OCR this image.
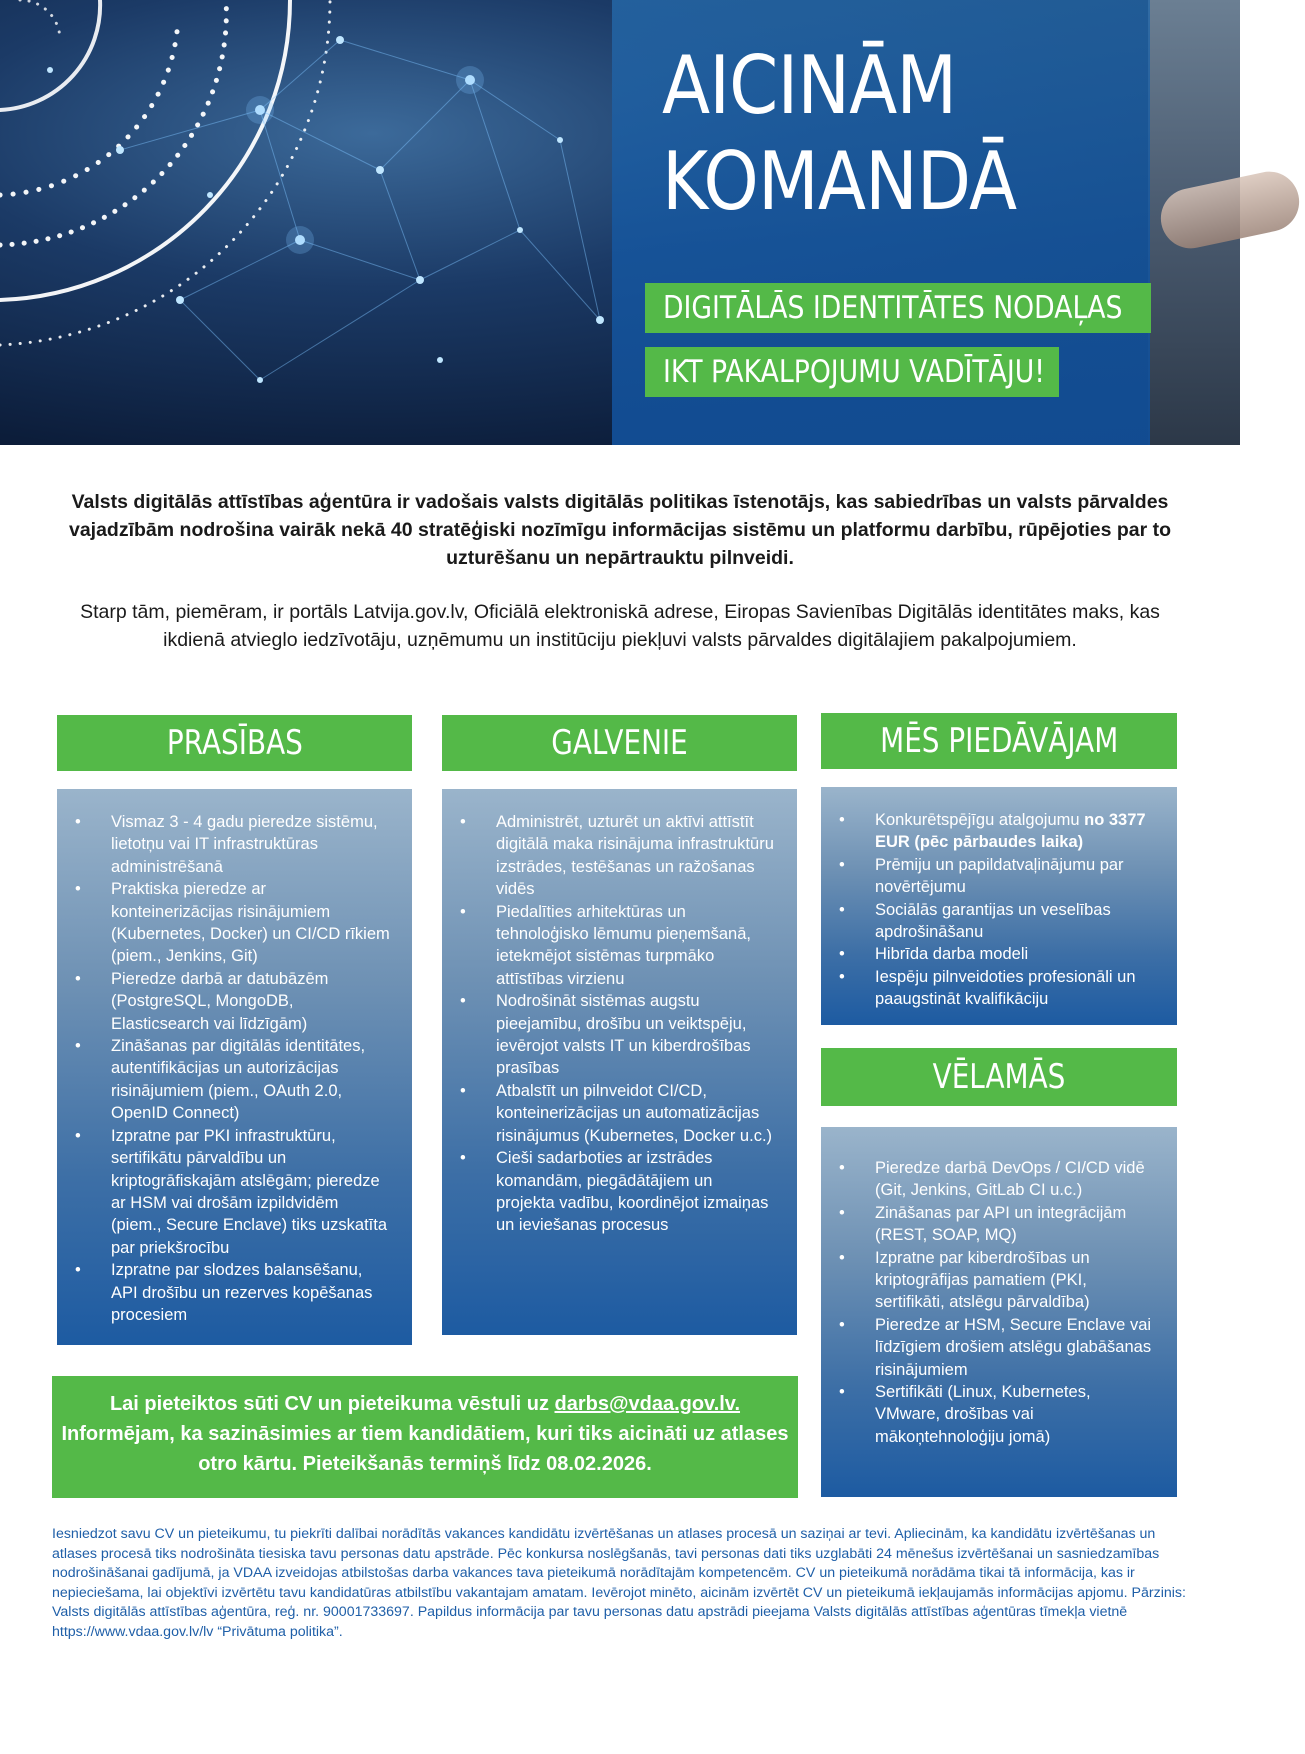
AICINĀM
KOMANDĀ
DIGITĀLĀS IDENTITĀTES NODAĻAS
IKT PAKALPOJUMU VADĪTĀJU!

Valsts digitālās attīstības aģentūra ir vadošais valsts digitālās politikas īstenotājs, kas sabiedrības un valsts pārvaldes vajadzībām nodrošina vairāk nekā 40 stratēģiski nozīmīgu informācijas sistēmu un platformu darbību, rūpējoties par to uzturēšanu un nepārtrauktu pilnveidi.

Starp tām, piemēram, ir portāls Latvija.gov.lv, Oficiālā elektroniskā adrese, Eiropas Savienības Digitālās identitātes maks, kas ikdienā atvieglo iedzīvotāju, uzņēmumu un institūciju piekļuvi valsts pārvaldes digitālajiem pakalpojumiem.

PRASĪBAS
• Vismaz 3 - 4 gadu pieredze sistēmu, lietotņu vai IT infrastruktūras administrēšanā
• Praktiska pieredze ar konteinerizācijas risinājumiem (Kubernetes, Docker) un CI/CD rīkiem (piem., Jenkins, Git)
• Pieredze darbā ar datubāzēm (PostgreSQL, MongoDB, Elasticsearch vai līdzīgām)
• Zināšanas par digitālās identitātes, autentifikācijas un autorizācijas risinājumiem (piem., OAuth 2.0, OpenID Connect)
• Izpratne par PKI infrastruktūru, sertifikātu pārvaldību un kriptogrāfiskajām atslēgām; pieredze ar HSM vai drošām izpildvidēm (piem., Secure Enclave) tiks uzskatīta par priekšrocību
• Izpratne par slodzes balansēšanu, API drošību un rezerves kopēšanas procesiem
GALVENIE
• Administrēt, uzturēt un aktīvi attīstīt digitālā maka risinājuma infrastruktūru izstrādes, testēšanas un ražošanas vidēs
• Piedalīties arhitektūras un tehnoloģisko lēmumu pieņemšanā, ietekmējot sistēmas turpmāko attīstības virzienu
• Nodrošināt sistēmas augstu pieejamību, drošību un veiktspēju, ievērojot valsts IT un kiberdrošības prasības
• Atbalstīt un pilnveidot CI/CD, konteinerizācijas un automatizācijas risinājumus (Kubernetes, Docker u.c.)
• Cieši sadarboties ar izstrādes komandām, piegādātājiem un projekta vadību, koordinējot izmaiņas un ieviešanas procesus
MĒS PIEDĀVĀJAM
• Konkurētspējīgu atalgojumu no 3377 EUR (pēc pārbaudes laika)
• Prēmiju un papildatvaļinājumu par novērtējumu
• Sociālās garantijas un veselības apdrošināšanu
• Hibrīda darba modeli
• Iespēju pilnveidoties profesionāli un paaugstināt kvalifikāciju
VĒLAMĀS
• Pieredze darbā DevOps / CI/CD vidē (Git, Jenkins, GitLab CI u.c.)
• Zināšanas par API un integrācijām (REST, SOAP, MQ)
• Izpratne par kiberdrošības un kriptogrāfijas pamatiem (PKI, sertifikāti, atslēgu pārvaldība)
• Pieredze ar HSM, Secure Enclave vai līdzīgiem drošiem atslēgu glabāšanas risinājumiem
• Sertifikāti (Linux, Kubernetes, VMware, drošības vai mākoņtehnoloģiju jomā)
Lai pieteiktos sūti CV un pieteikuma vēstuli uz darbs@vdaa.gov.lv.
Informējam, ka sazināsimies ar tiem kandidātiem, kuri tiks aicināti uz atlases otro kārtu. Pieteikšanās termiņš līdz 08.02.2026.

Iesniedzot savu CV un pieteikumu, tu piekrīti dalībai norādītās vakances kandidātu izvērtēšanas un atlases procesā un saziņai ar tevi. Apliecinām, ka kandidātu izvērtēšanas un atlases procesā tiks nodrošināta tiesiska tavu personas datu apstrāde. Pēc konkursa noslēgšanās, tavi personas dati tiks uzglabāti 24 mēnešus izvērtēšanai un sasniedzamības nodrošināšanai gadījumā, ja VDAA izveidojas atbilstošas darba vakances tava pieteikumā norādītajām kompetencēm. CV un pieteikumā norādāma tikai tā informācija, kas ir nepieciešama, lai objektīvi izvērtētu tavu kandidatūras atbilstību vakantajam amatam. Ievērojot minēto, aicinām izvērtēt CV un pieteikumā iekļaujamās informācijas apjomu. Pārzinis: Valsts digitālās attīstības aģentūra, reģ. nr. 90001733697. Papildus informācija par tavu personas datu apstrādi pieejama Valsts digitālās attīstības aģentūras tīmekļa vietnē https://www.vdaa.gov.lv/lv “Privātuma politika”.
